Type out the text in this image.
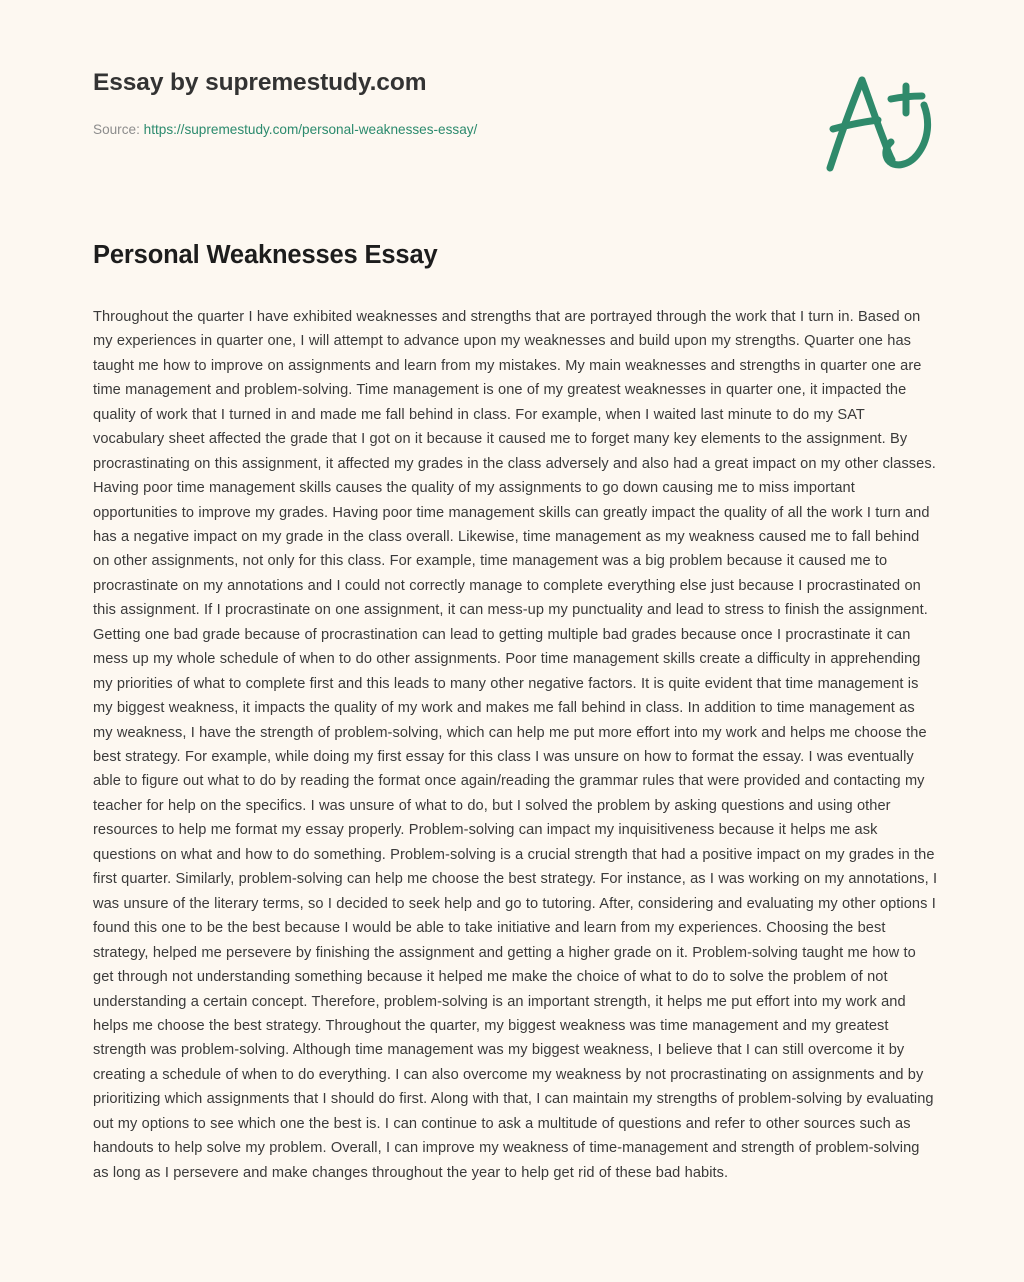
Essay by supremestudy.com
Source: https://supremestudy.com/personal-weaknesses-essay/
Personal Weaknesses Essay

Throughout the quarter I have exhibited weaknesses and strengths that are portrayed through the work that I turn in. Based on my experiences in quarter one, I will attempt to advance upon my weaknesses and build upon my strengths. Quarter one has taught me how to improve on assignments and learn from my mistakes. My main weaknesses and strengths in quarter one are time management and problem-solving. Time management is one of my greatest weaknesses in quarter one, it impacted the quality of work that I turned in and made me fall behind in class. For example, when I waited last minute to do my SAT vocabulary sheet affected the grade that I got on it because it caused me to forget many key elements to the assignment. By procrastinating on this assignment, it affected my grades in the class adversely and also had a great impact on my other classes. Having poor time management skills causes the quality of my assignments to go down causing me to miss important opportunities to improve my grades. Having poor time management skills can greatly impact the quality of all the work I turn and has a negative impact on my grade in the class overall. Likewise, time management as my weakness caused me to fall behind on other assignments, not only for this class. For example, time management was a big problem because it caused me to procrastinate on my annotations and I could not correctly manage to complete everything else just because I procrastinated on this assignment. If I procrastinate on one assignment, it can mess-up my punctuality and lead to stress to finish the assignment. Getting one bad grade because of procrastination can lead to getting multiple bad grades because once I procrastinate it can mess up my whole schedule of when to do other assignments. Poor time management skills create a difficulty in apprehending my priorities of what to complete first and this leads to many other negative factors. It is quite evident that time management is my biggest weakness, it impacts the quality of my work and makes me fall behind in class. In addition to time management as my weakness, I have the strength of problem-solving, which can help me put more effort into my work and helps me choose the best strategy. For example, while doing my first essay for this class I was unsure on how to format the essay. I was eventually able to figure out what to do by reading the format once again/reading the grammar rules that were provided and contacting my teacher for help on the specifics. I was unsure of what to do, but I solved the problem by asking questions and using other resources to help me format my essay properly. Problem-solving can impact my inquisitiveness because it helps me ask questions on what and how to do something. Problem-solving is a crucial strength that had a positive impact on my grades in the first quarter. Similarly, problem-solving can help me choose the best strategy. For instance, as I was working on my annotations, I was unsure of the literary terms, so I decided to seek help and go to tutoring. After, considering and evaluating my other options I found this one to be the best because I would be able to take initiative and learn from my experiences. Choosing the best strategy, helped me persevere by finishing the assignment and getting a higher grade on it. Problem-solving taught me how to get through not understanding something because it helped me make the choice of what to do to solve the problem of not understanding a certain concept. Therefore, problem-solving is an important strength, it helps me put effort into my work and helps me choose the best strategy. Throughout the quarter, my biggest weakness was time management and my greatest strength was problem-solving. Although time management was my biggest weakness, I believe that I can still overcome it by creating a schedule of when to do everything. I can also overcome my weakness by not procrastinating on assignments and by prioritizing which assignments that I should do first. Along with that, I can maintain my strengths of problem-solving by evaluating out my options to see which one the best is. I can continue to ask a multitude of questions and refer to other sources such as handouts to help solve my problem. Overall, I can improve my weakness of time-management and strength of problem-solving as long as I persevere and make changes throughout the year to help get rid of these bad habits.
